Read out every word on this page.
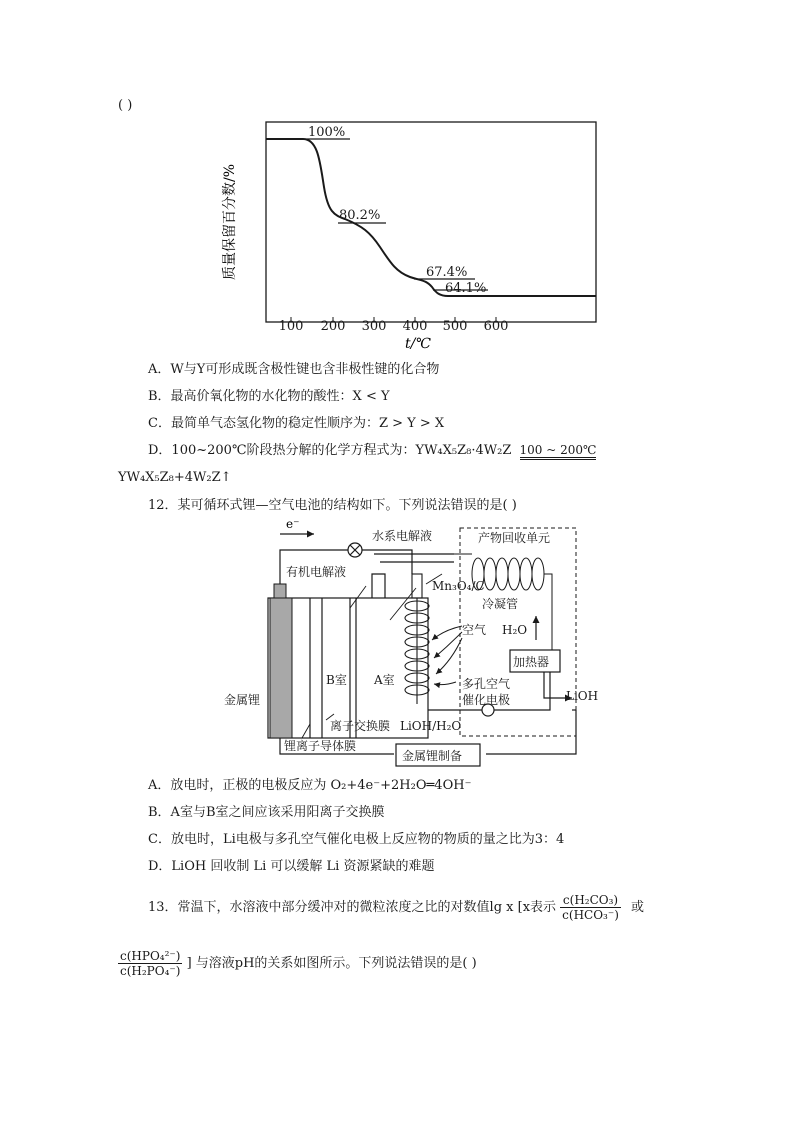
( )
100 200 300 400 500 600
t/℃
质量保留百分数/%
100%
80.2%
67.4%
64.1%
A．W与Y可形成既含极性键也含非极性键的化合物
B．最高价氧化物的水化物的酸性：X < Y
C．最简单气态氢化物的稳定性顺序为：Z > Y > X
D．100~200℃阶段热分解的化学方程式为：YW₄X₅Z₈·4W₂Z 100 ~ 200℃
YW₄X₅Z₈+4W₂Z↑
12．某可循环式锂—空气电池的结构如下。下列说法错误的是( )
e⁻
水系电解液	产物回收单元
有机电解液
Mn₃O₄/C
冷凝管
空气 H₂O
加热器
B室 A室	多孔空气
催化电极
金属锂	LiOH
离子交换膜 LiOH/H₂O
锂离子导体膜
金属锂制备
A．放电时，正极的电极反应为 O₂+4e⁻+2H₂O═4OH⁻
B．A室与B室之间应该采用阳离子交换膜
C．放电时，Li电极与多孔空气催化电极上反应物的物质的量之比为3：4
D．LiOH 回收制 Li 可以缓解 Li 资源紧缺的难题
13．常温下，水溶液中部分缓冲对的微粒浓度之比的对数值lg x [x表示 $\frac{\text{c(H₂CO₃)}}{\text{c(HCO₃⁻)}}$ 或
$\frac{\text{c(HPO₄²⁻)}}{\text{c(H₂PO₄⁻)}}$ ] 与溶液pH的关系如图所示。下列说法错误的是( )
